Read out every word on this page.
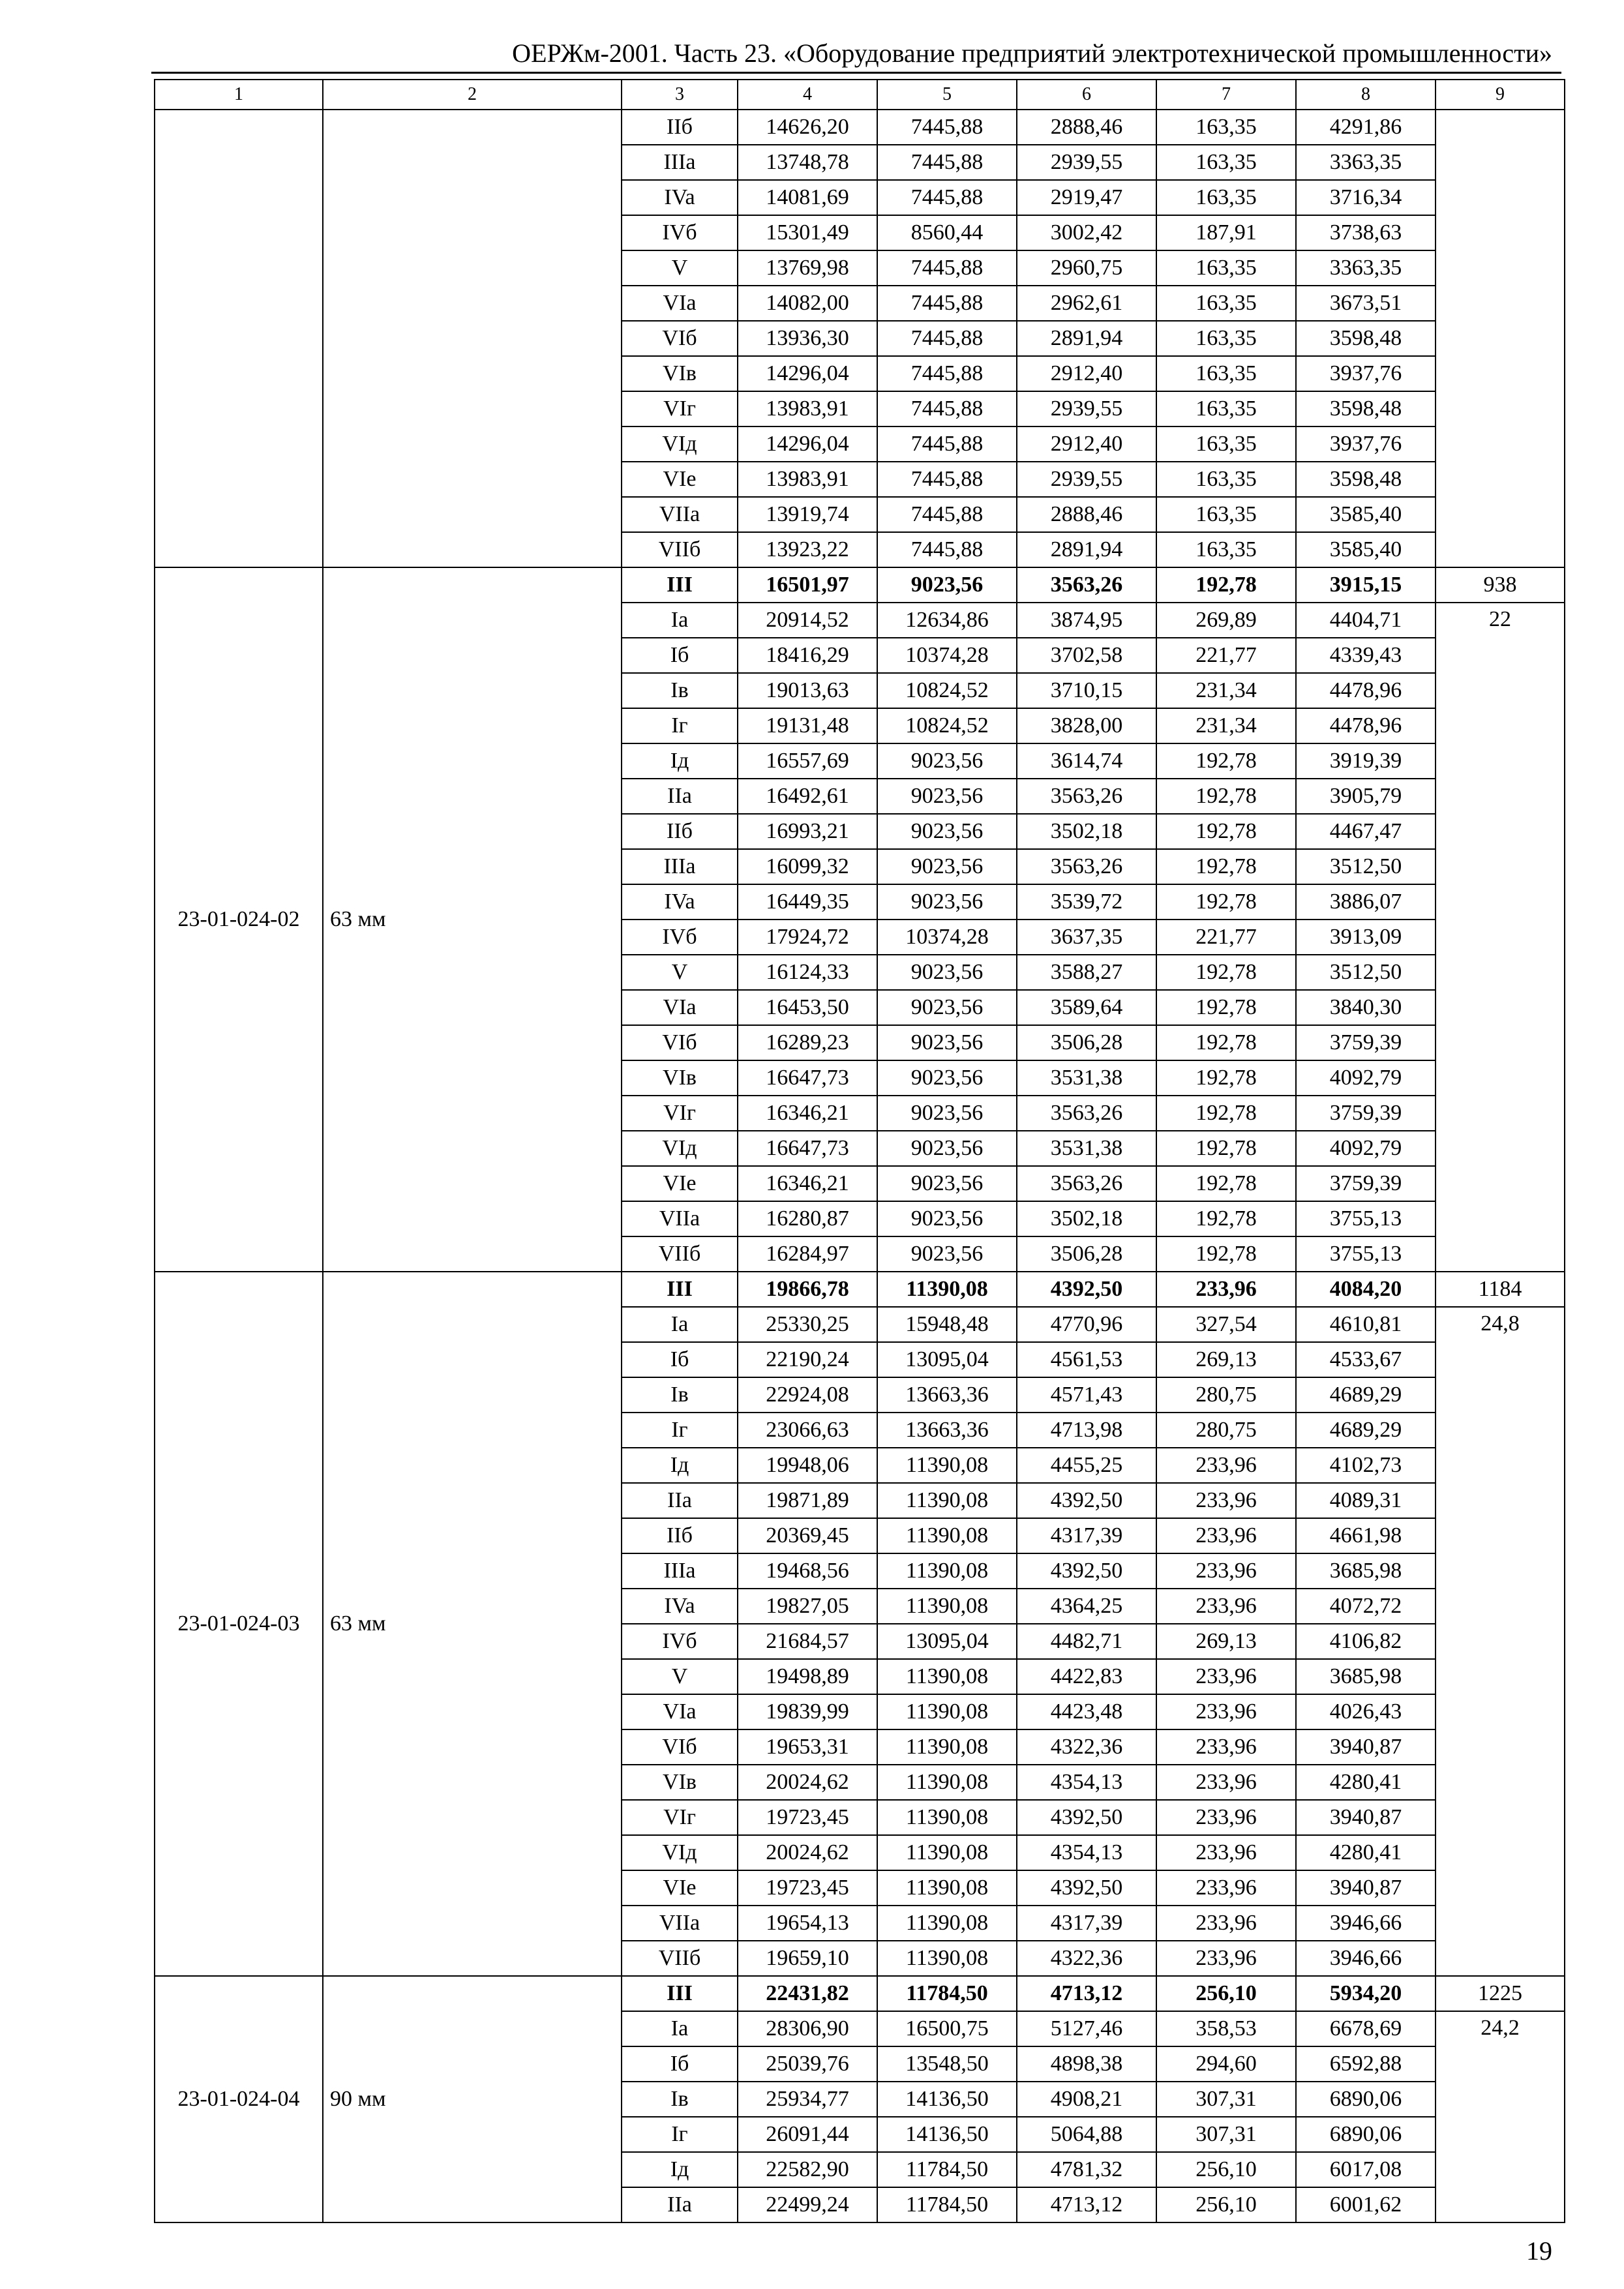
ОЕРЖм-2001. Часть 23. «Оборудование предприятий электротехнической промышленности»
1	2	3	4	5	6	7	8	9
		IIб	14626,20	7445,88	2888,46	163,35	4291,86	
		IIIa	13748,78	7445,88	2939,55	163,35	3363,35	
		IVa	14081,69	7445,88	2919,47	163,35	3716,34	
		IVб	15301,49	8560,44	3002,42	187,91	3738,63	
		V	13769,98	7445,88	2960,75	163,35	3363,35	
		VIa	14082,00	7445,88	2962,61	163,35	3673,51	
		VIб	13936,30	7445,88	2891,94	163,35	3598,48	
		VIв	14296,04	7445,88	2912,40	163,35	3937,76	
		VIг	13983,91	7445,88	2939,55	163,35	3598,48	
		VIд	14296,04	7445,88	2912,40	163,35	3937,76	
		VIe	13983,91	7445,88	2939,55	163,35	3598,48	
		VIIa	13919,74	7445,88	2888,46	163,35	3585,40	
		VIIб	13923,22	7445,88	2891,94	163,35	3585,40	
23-01-024-02	63 мм	III	16501,97	9023,56	3563,26	192,78	3915,15	938
		Ia	20914,52	12634,86	3874,95	269,89	4404,71	22
		Iб	18416,29	10374,28	3702,58	221,77	4339,43	
		Iв	19013,63	10824,52	3710,15	231,34	4478,96	
		Iг	19131,48	10824,52	3828,00	231,34	4478,96	
		Iд	16557,69	9023,56	3614,74	192,78	3919,39	
		IIa	16492,61	9023,56	3563,26	192,78	3905,79	
		IIб	16993,21	9023,56	3502,18	192,78	4467,47	
		IIIa	16099,32	9023,56	3563,26	192,78	3512,50	
		IVa	16449,35	9023,56	3539,72	192,78	3886,07	
		IVб	17924,72	10374,28	3637,35	221,77	3913,09	
		V	16124,33	9023,56	3588,27	192,78	3512,50	
		VIa	16453,50	9023,56	3589,64	192,78	3840,30	
		VIб	16289,23	9023,56	3506,28	192,78	3759,39	
		VIв	16647,73	9023,56	3531,38	192,78	4092,79	
		VIг	16346,21	9023,56	3563,26	192,78	3759,39	
		VIд	16647,73	9023,56	3531,38	192,78	4092,79	
		VIe	16346,21	9023,56	3563,26	192,78	3759,39	
		VIIa	16280,87	9023,56	3502,18	192,78	3755,13	
		VIIб	16284,97	9023,56	3506,28	192,78	3755,13	
23-01-024-03	63 мм	III	19866,78	11390,08	4392,50	233,96	4084,20	1184
		Ia	25330,25	15948,48	4770,96	327,54	4610,81	24,8
		Iб	22190,24	13095,04	4561,53	269,13	4533,67	
		Iв	22924,08	13663,36	4571,43	280,75	4689,29	
		Iг	23066,63	13663,36	4713,98	280,75	4689,29	
		Iд	19948,06	11390,08	4455,25	233,96	4102,73	
		IIa	19871,89	11390,08	4392,50	233,96	4089,31	
		IIб	20369,45	11390,08	4317,39	233,96	4661,98	
		IIIa	19468,56	11390,08	4392,50	233,96	3685,98	
		IVa	19827,05	11390,08	4364,25	233,96	4072,72	
		IVб	21684,57	13095,04	4482,71	269,13	4106,82	
		V	19498,89	11390,08	4422,83	233,96	3685,98	
		VIa	19839,99	11390,08	4423,48	233,96	4026,43	
		VIб	19653,31	11390,08	4322,36	233,96	3940,87	
		VIв	20024,62	11390,08	4354,13	233,96	4280,41	
		VIг	19723,45	11390,08	4392,50	233,96	3940,87	
		VIд	20024,62	11390,08	4354,13	233,96	4280,41	
		VIe	19723,45	11390,08	4392,50	233,96	3940,87	
		VIIa	19654,13	11390,08	4317,39	233,96	3946,66	
		VIIб	19659,10	11390,08	4322,36	233,96	3946,66	
23-01-024-04	90 мм	III	22431,82	11784,50	4713,12	256,10	5934,20	1225
		Ia	28306,90	16500,75	5127,46	358,53	6678,69	24,2
		Iб	25039,76	13548,50	4898,38	294,60	6592,88	
		Iв	25934,77	14136,50	4908,21	307,31	6890,06	
		Iг	26091,44	14136,50	5064,88	307,31	6890,06	
		Iд	22582,90	11784,50	4781,32	256,10	6017,08	
		IIa	22499,24	11784,50	4713,12	256,10	6001,62	
19
